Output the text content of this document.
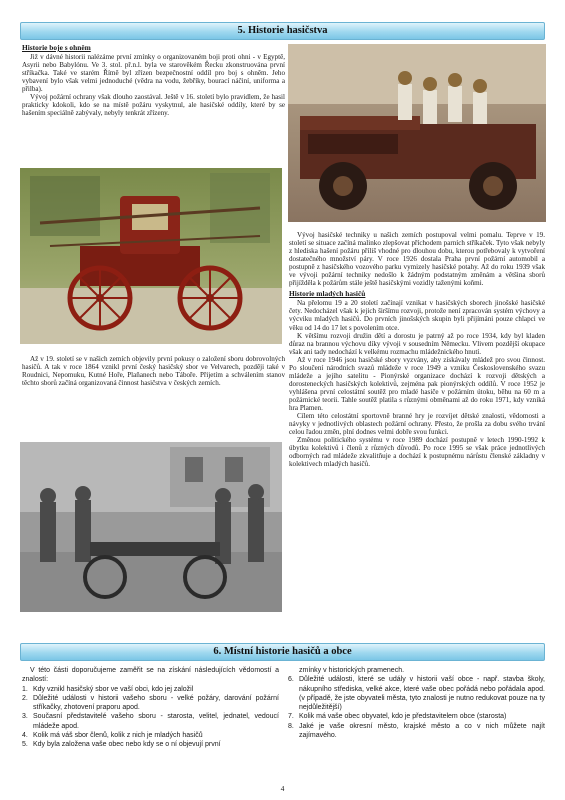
5. Historie hasičstva
Historie boje s ohněm

Již v dávné historii nalézáme první zmínky o organizovaném boji proti ohni - v Egyptě, Asyrii nebo Babylónu. Ve 3. stol. př.n.l. byla ve starověkém Řecku zkonstruována první stříkačka. Také ve starém Římě byl zřízen bezpečnostní oddíl pro boj s ohněm. Jeho vybavení bylo však velmi jednoduché (vědra na vodu, žebříky, bourací náčiní, uniforma a přilba).

Vývoj požární ochrany však dlouho zaostával. Ještě v 16. století bylo pravidlem, že hasil prakticky kdokoli, kdo se na místě požáru vyskytnul, ale hasičské oddíly, které by se hašením speciálně zabývaly, nebyly tenkrát zřízeny.

Až v 19. století se v našich zemích objevily první pokusy o založení sboru dobrovolných hasičů. A tak v roce 1864 vznikl první český hasičský sbor ve Velvarech, později také v Roudnici, Nepomuku, Kutné Hoře, Plaňanech nebo Táboře. Přijetím a schválením stanov těchto sborů začíná organizovaná činnost hasičstva v českých zemích.

Vývoj hasičské techniky u našich zemích postupoval velmi pomalu. Teprve v 19. století se situace začíná malinko zlepšovat příchodem parních stříkaček. Tyto však nebyly z hlediska hašení požáru příliš vhodné pro dlouhou dobu, kterou potřebovaly k vytvoření dostatečného množství páry. V roce 1926 dostala Praha první požární automobil a postupně z hasičského vozového parku vymizely hasičské potahy. Až do roku 1939 však ve vývoji požární techniky nedošlo k žádným podstatným změnám a většina sborů přijížděla k požárům stále ještě hasičskými vozidly taženými koňmi.

Historie mladých hasičů

Na přelomu 19 a 20 století začínají vznikat v hasičských sborech jinošské hasičské čety. Nedocházel však k jejich širšímu rozvoji, protože není zpracován systém výchovy a výcviku mladých hasičů. Do prvních jinošských skupin byli přijímáni pouze chlapci ve věku od 14 do 17 let s povolením otce.

K většímu rozvoji družin dětí a dorostu je patrný až po roce 1934, kdy byl kladen důraz na brannou výchovu díky vývoji v sousedním Německu. Vlivem pozdější okupace však ani tady nedochází k velkému rozmachu mládežnického hnutí.

Až v roce 1946 jsou hasičské sbory vyzvány, aby získávaly mládež pro svou činnost. Po sloučení národních svazů mládeže v roce 1949 a vzniku Československého svazu mládeže a jejího satelitu - Pionýrské organizace dochází k rozvoji dětských a dorosteneckých hasičských kolektivů, zejména pak pionýrských oddílů. V roce 1952 je vyhlášena první celostátní soutěž pro mladé hasiče v požárním útoku, běhu na 60 m a požárnické teorii. Tahle soutěž platila s různými obměnami až do roku 1971, kdy vzniká hra Plamen.

Cílem této celostátní sportovně branné hry je rozvíjet dětské znalosti, vědomosti a návyky v jednotlivých oblastech požární ochrany. Přesto, že prošla za dobu svého trvání celou řadou změn, plní dodnes velmi dobře svou funkci.

Změnou politického systému v roce 1989 dochází postupně v letech 1990-1992 k úbytku kolektivů i členů z různých důvodů. Po roce 1995 se však práce jednotlivých odborných rad mládeže zkvalitňuje a dochází k postupnému nárůstu členské základny v kolektivech mladých hasičů.

6. Místní historie hasičů a obce

V této části doporučujeme zaměřit se na získání následujících vědomostí a znalostí:

1. Kdy vznikl hasičský sbor ve vaší obci, kdo jej založil
2. Důležité události v historii vašeho sboru - velké požáry, darování požární stříkačky, zhotovení praporu apod.
3. Současní představitelé vašeho sboru - starosta, velitel, jednatel, vedoucí mládeže apod.
4. Kolik má váš sbor členů, kolik z nich je mladých hasičů
5. Kdy byla založena vaše obec nebo kdy se o ní objevují první

zmínky v historických pramenech.

6. Důležité události, které se udály v historii vaší obce - např. stavba školy, nákupního střediska, velké akce, které vaše obec pořádá nebo pořádala apod. (v případě, že jste obyvateli města, tyto znalosti je nutno redukovat pouze na ty nejdůležitější)
7. Kolik má vaše obec obyvatel, kdo je představitelem obce (starosta)
8. Jaké je vaše okresní město, krajské město a co v nich můžete najít zajímavého.
4
